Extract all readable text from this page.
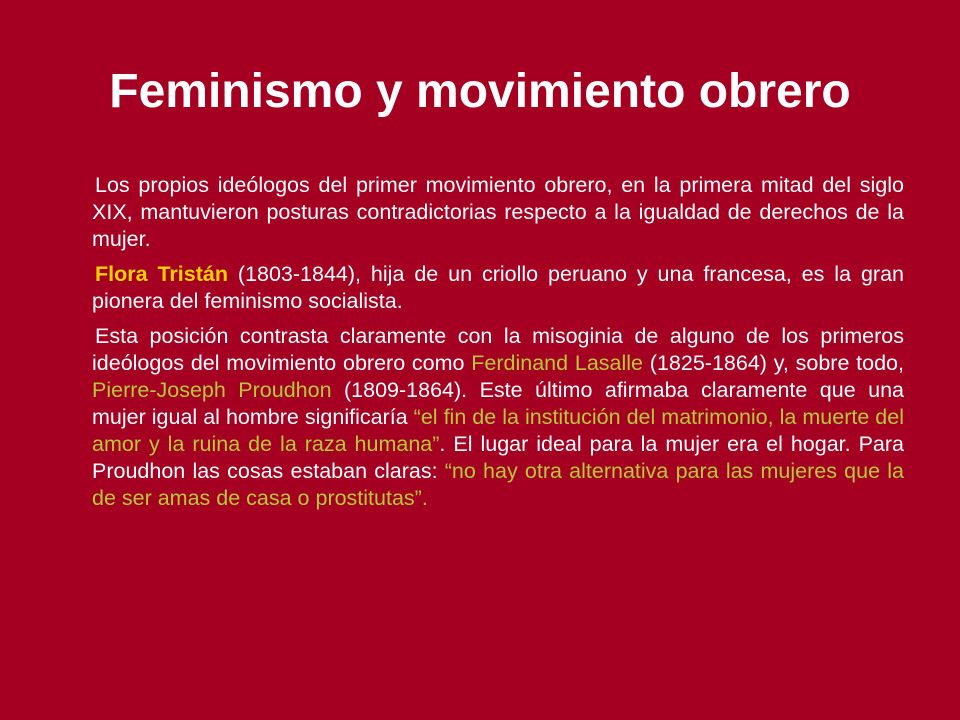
Feminismo y movimiento obrero

Los propios ideólogos del primer movimiento obrero, en la primera mitad del siglo XIX, mantuvieron posturas contradictorias respecto a la igualdad de derechos de la mujer.

Flora Tristán (1803-1844), hija de un criollo peruano y una francesa, es la gran pionera del feminismo socialista.

Esta posición contrasta claramente con la misoginia de alguno de los primeros ideólogos del movimiento obrero como Ferdinand Lasalle (1825-1864) y, sobre todo, Pierre-Joseph Proudhon (1809-1864). Este último afirmaba claramente que una mujer igual al hombre significaría “el fin de la institución del matrimonio, la muerte del amor y la ruina de la raza humana”. El lugar ideal para la mujer era el hogar. Para Proudhon las cosas estaban claras: “no hay otra alternativa para las mujeres que la de ser amas de casa o prostitutas”.
